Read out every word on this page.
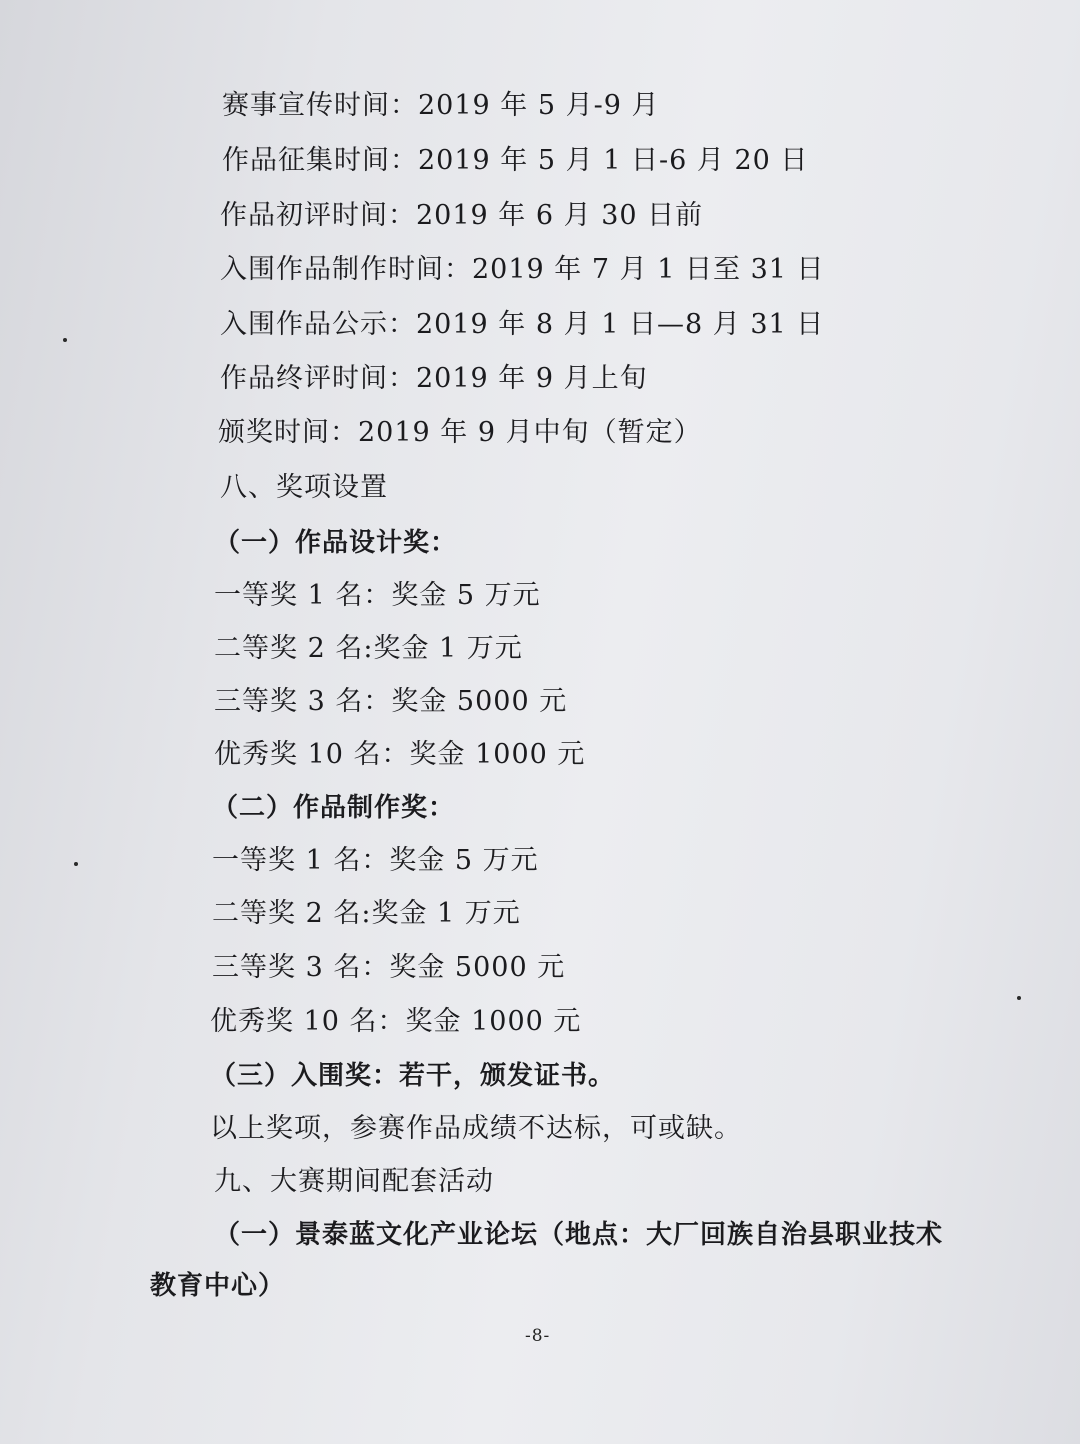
赛事宣传时间：2019 年 5 月-9 月
作品征集时间：2019 年 5 月 1 日-6 月 20 日
作品初评时间：2019 年 6 月 30 日前
入围作品制作时间：2019 年 7 月 1 日至 31 日
入围作品公示：2019 年 8 月 1 日—8 月 31 日
作品终评时间：2019 年 9 月上旬
颁奖时间：2019 年 9 月中旬（暂定）
八、奖项设置
（一）作品设计奖：
一等奖 1 名：奖金 5 万元
二等奖 2 名:奖金 1 万元
三等奖 3 名：奖金 5000 元
优秀奖 10 名：奖金 1000 元
（二）作品制作奖：
一等奖 1 名：奖金 5 万元
二等奖 2 名:奖金 1 万元
三等奖 3 名：奖金 5000 元
优秀奖 10 名：奖金 1000 元
（三）入围奖：若干，颁发证书。
以上奖项，参赛作品成绩不达标，可或缺。
九、大赛期间配套活动
（一）景泰蓝文化产业论坛（地点：大厂回族自治县职业技术
教育中心）
-8-
